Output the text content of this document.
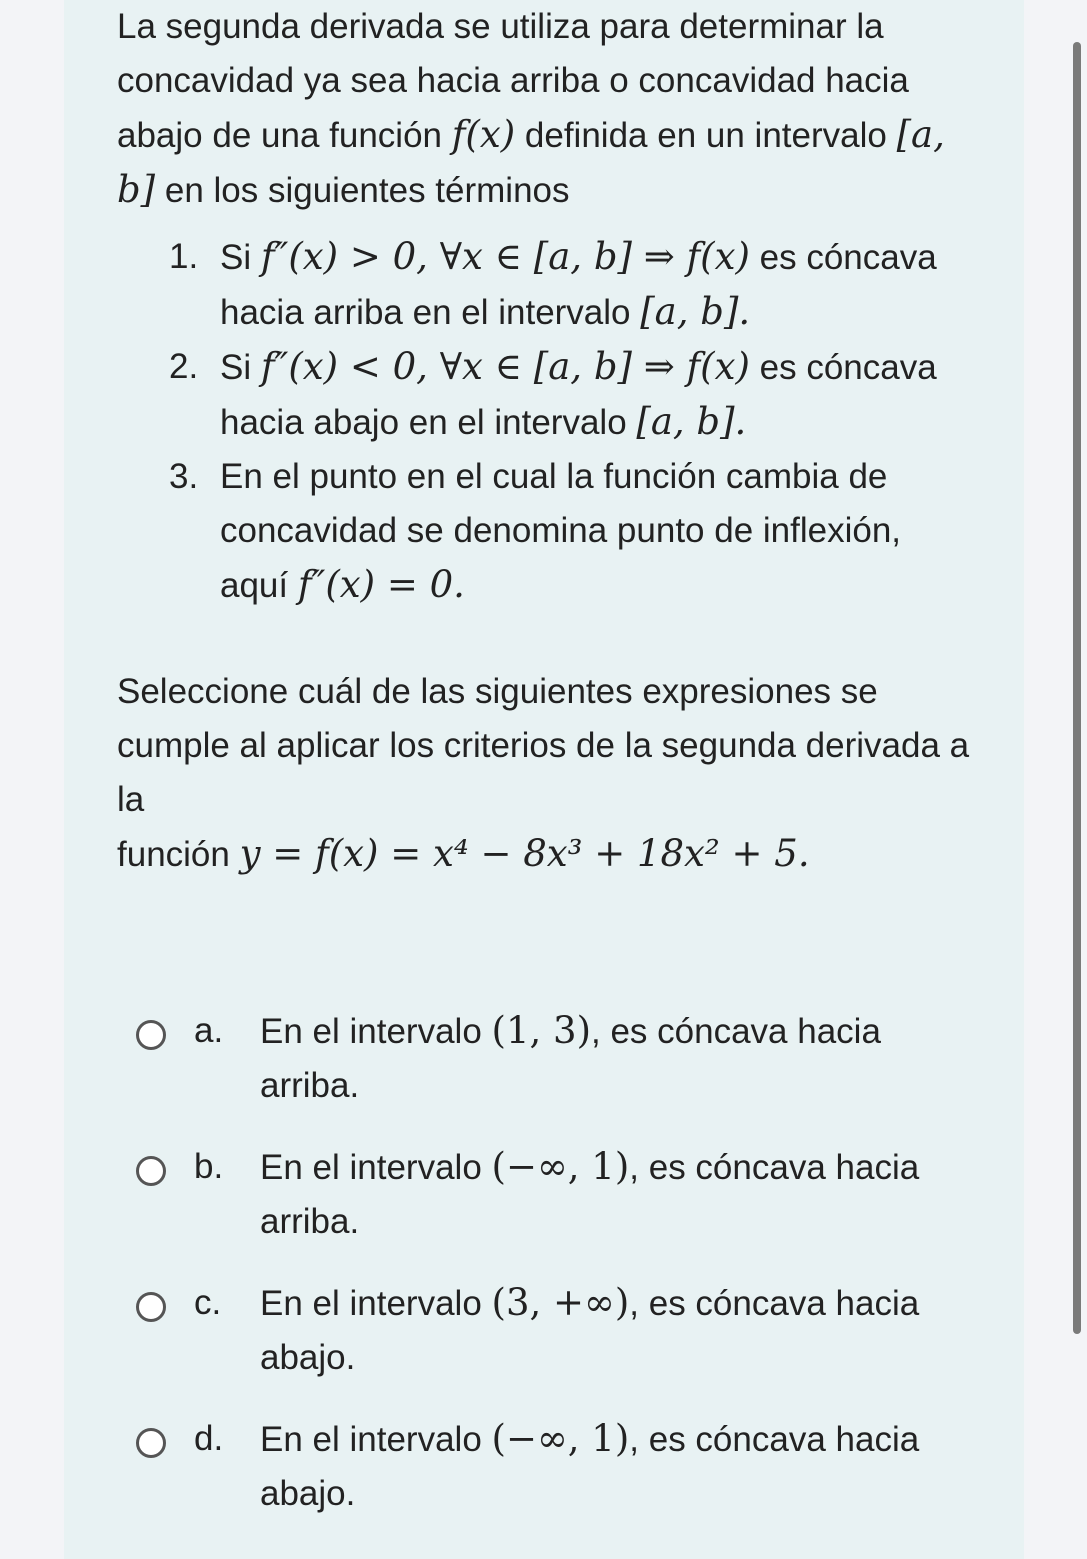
La segunda derivada se utiliza para determinar la concavidad ya sea hacia arriba o concavidad hacia abajo de una función f(x) definida en un intervalo [a, b] en los siguientes términos

1. Si f″(x) > 0, ∀x ∈ [a, b] ⇒ f(x) es cóncava hacia arriba en el intervalo [a, b].
2. Si f″(x) < 0, ∀x ∈ [a, b] ⇒ f(x) es cóncava hacia abajo en el intervalo [a, b].
3. En el punto en el cual la función cambia de concavidad se denomina punto de inflexión, aquí f″(x) = 0.

Seleccione cuál de las siguientes expresiones se cumple al aplicar los criterios de la segunda derivada a la
función y = f(x) = x⁴ − 8x³ + 18x² + 5.

a. En el intervalo (1, 3), es cóncava hacia arriba.
b. En el intervalo (−∞, 1), es cóncava hacia arriba.
c. En el intervalo (3, +∞), es cóncava hacia abajo.
d. En el intervalo (−∞, 1), es cóncava hacia abajo.
